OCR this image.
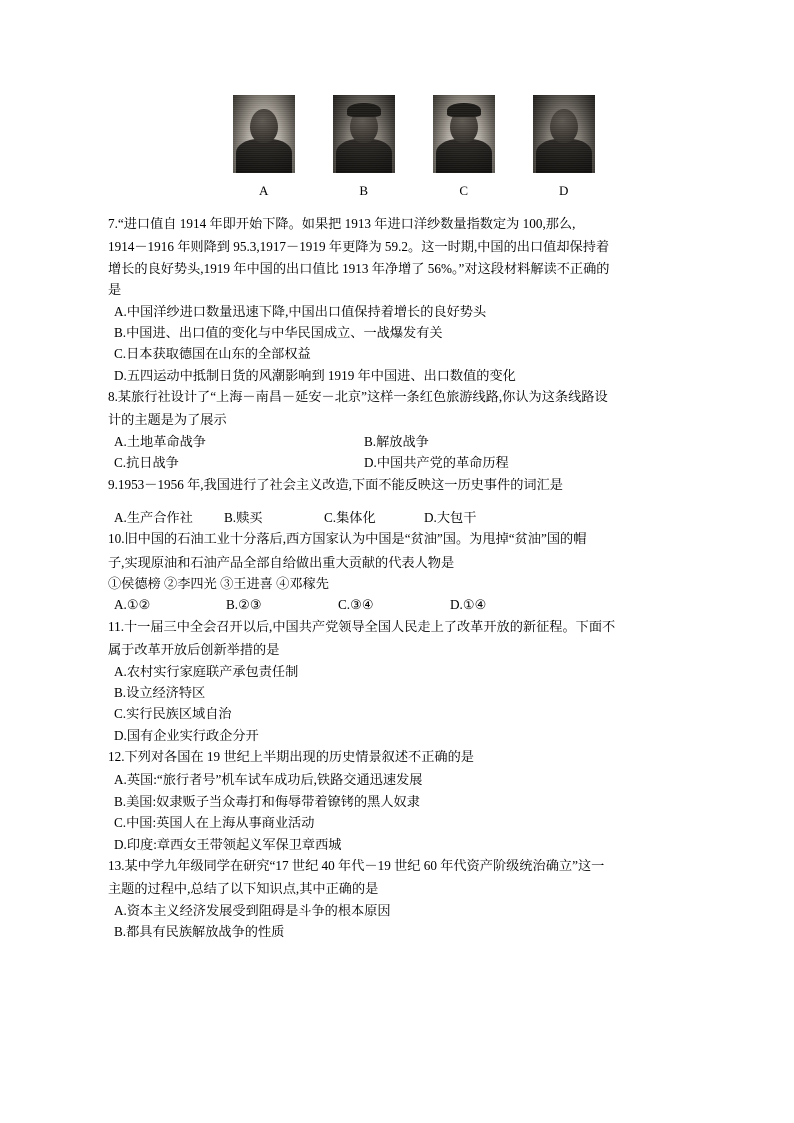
A	B	C	D

7.“进口值自 1914 年即开始下降。如果把 1913 年进口洋纱数量指数定为 100,那么,

1914－1916 年则降到 95.3,1917－1919 年更降为 59.2。这一时期,中国的出口值却保持着

增长的良好势头,1919 年中国的出口值比 1913 年净增了 56%。”对这段材料解读不正确的

是

A.中国洋纱进口数量迅速下降,中国出口值保持着增长的良好势头

B.中国进、出口值的变化与中华民国成立、一战爆发有关

C.日本获取德国在山东的全部权益

D.五四运动中抵制日货的风潮影响到 1919 年中国进、出口数值的变化

8.某旅行社设计了“上海－南昌－延安－北京”这样一条红色旅游线路,你认为这条线路设

计的主题是为了展示

A.土地革命战争	B.解放战争
C.抗日战争	D.中国共产党的革命历程

9.1953－1956 年,我国进行了社会主义改造,下面不能反映这一历史事件的词汇是

A.生产合作社	B.赎买	C.集体化	D.大包干

10.旧中国的石油工业十分落后,西方国家认为中国是“贫油”国。为甩掉“贫油”国的帽

子,实现原油和石油产品全部自给做出重大贡献的代表人物是

①侯德榜 ②李四光 ③王进喜 ④邓稼先

A.①②	B.②③	C.③④	D.①④

11.十一届三中全会召开以后,中国共产党领导全国人民走上了改革开放的新征程。下面不

属于改革开放后创新举措的是

A.农村实行家庭联产承包责任制

B.设立经济特区

C.实行民族区域自治

D.国有企业实行政企分开

12.下列对各国在 19 世纪上半期出现的历史情景叙述不正确的是

A.英国:“旅行者号”机车试车成功后,铁路交通迅速发展

B.美国:奴隶贩子当众毒打和侮辱带着镣铐的黑人奴隶

C.中国:英国人在上海从事商业活动

D.印度:章西女王带领起义军保卫章西城

13.某中学九年级同学在研究“17 世纪 40 年代－19 世纪 60 年代资产阶级统治确立”这一

主题的过程中,总结了以下知识点,其中正确的是

A.资本主义经济发展受到阻碍是斗争的根本原因

B.都具有民族解放战争的性质
